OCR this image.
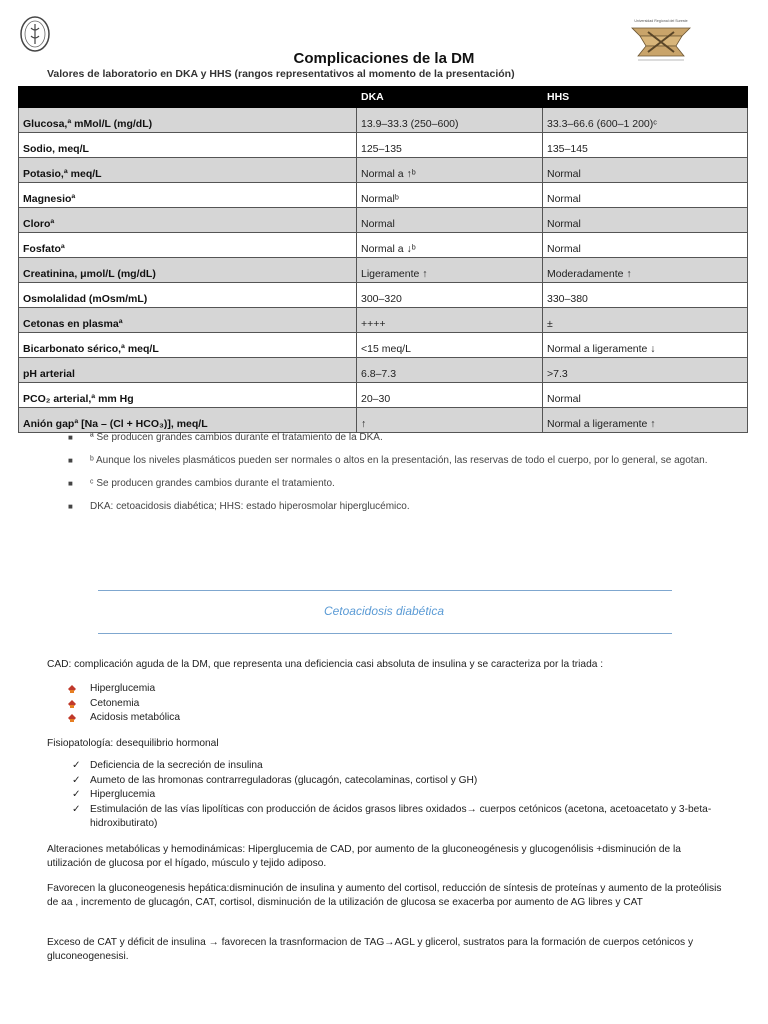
Universidad Regional del Sureste
Complicaciones de la DM
Valores de laboratorio en DKA y HHS (rangos representativos al momento de la presentación)
	DKA	HHS
Glucosa,ª mMol/L (mg/dL)	13.9–33.3 (250–600)	33.3–66.6 (600–1 200)ᶜ
Sodio, meq/L	125–135	135–145
Potasio,ª meq/L	Normal a ↑ᵇ	Normal
Magnesioª	Normalᵇ	Normal
Cloroª	Normal	Normal
Fosfatoª	Normal a ↓ᵇ	Normal
Creatinina, μmol/L (mg/dL)	Ligeramente ↑	Moderadamente ↑
Osmolalidad (mOsm/mL)	300–320	330–380
Cetonas en plasmaª	++++	±
Bicarbonato sérico,ª meq/L	<15 meq/L	Normal a ligeramente ↓
pH arterial	6.8–7.3	>7.3
PCO₂ arterial,ª mm Hg	20–30	Normal
Anión gapª [Na – (Cl + HCO₃)], meq/L	↑	Normal a ligeramente ↑
■ ª Se producen grandes cambios durante el tratamiento de la DKA.
■ ᵇ Aunque los niveles plasmáticos pueden ser normales o altos en la presentación, las reservas de todo el cuerpo, por lo general, se agotan.
■ ᶜ Se producen grandes cambios durante el tratamiento.
■ DKA: cetoacidosis diabética; HHS: estado hiperosmolar hiperglucémico.
Cetoacidosis diabética
CAD: complicación aguda de la DM, que representa una deficiencia casi absoluta de insulina y se caracteriza por la triada :
Hiperglucemia
Cetonemia
Acidosis metabólica
Fisiopatología: desequilibrio hormonal
✓ Deficiencia de la secreción de insulina
✓ Aumeto de las hromonas contrarreguladoras (glucagón, catecolaminas, cortisol y GH)
✓ Hiperglucemia
✓ Estimulación de las vías lipolíticas con producción de ácidos grasos libres oxidados→ cuerpos cetónicos (acetona, acetoacetato y 3-beta-hidroxibutirato)
Alteraciones metabólicas y hemodinámicas: Hiperglucemia de CAD, por aumento de la gluconeogénesis y glucogenólisis +disminución de la utilización de glucosa por el hígado, músculo y tejido adiposo.
Favorecen la gluconeogenesis hepática:disminución de insulina y aumento del cortisol, reducción de síntesis de proteínas y aumento de la proteólisis de aa , incremento de glucagón, CAT, cortisol, disminución de la utilización de glucosa se exacerba por aumento de AG libres y CAT
Exceso de CAT y déficit de insulina → favorecen la trasnformacion de TAG→AGL y glicerol, sustratos para la formación de cuerpos cetónicos y gluconeogenesisi.
